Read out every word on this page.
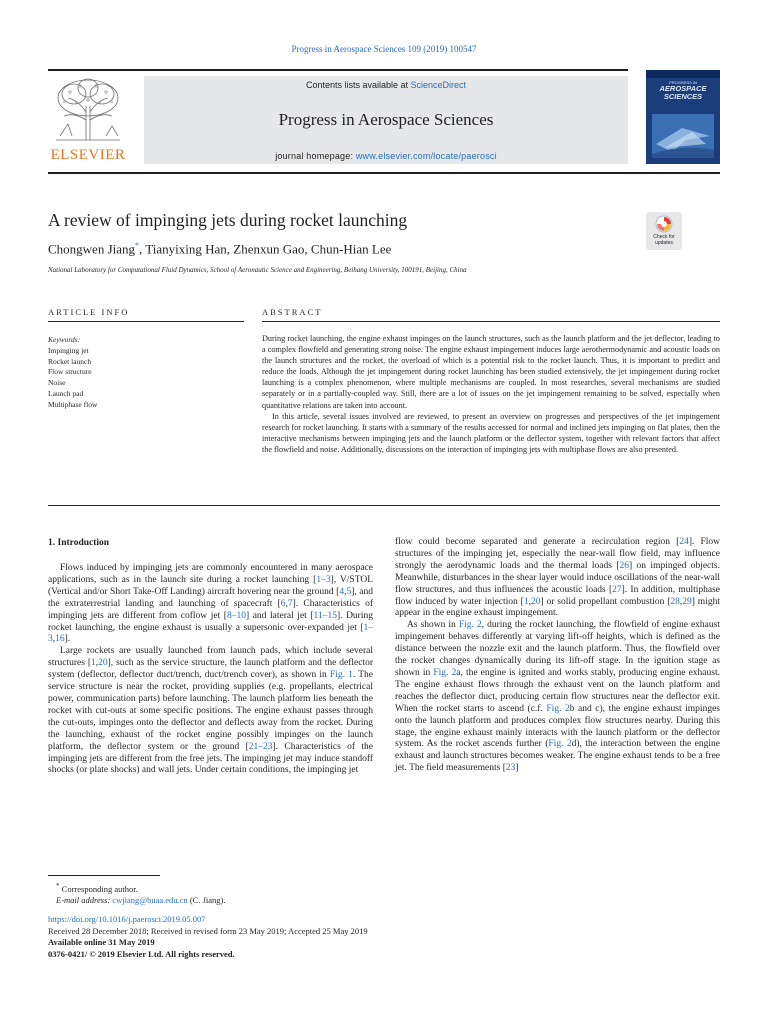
Progress in Aerospace Sciences 109 (2019) 100547
ELSEVIER
Contents lists available at ScienceDirect
Progress in Aerospace Sciences
journal homepage: www.elsevier.com/locate/paerosci
PROGRESS IN
AEROSPACE
SCIENCES
A review of impinging jets during rocket launching
Chongwen Jiang*, Tianyixing Han, Zhenxun Gao, Chun-Hian Lee
National Laboratory for Computational Fluid Dynamics, School of Aeronautic Science and Engineering, Beihang University, 100191, Beijing, China
Check for updates
ARTICLE INFO	ABSTRACT
Keywords:
Impinging jet
Rocket launch
Flow structure
Noise
Launch pad
Multiphase flow

During rocket launching, the engine exhaust impinges on the launch structures, such as the launch platform and the jet deflector, leading to a complex flowfield and generating strong noise. The engine exhaust impingement induces large aerothermodynamic and acoustic loads on the launch structures and the rocket, the overload of which is a potential risk to the rocket launch. Thus, it is important to predict and reduce the loads. Although the jet impingement during rocket launching has been studied extensively, the jet impingement during rocket launching is a complex phenomenon, where multiple mechanisms are coupled. In most researches, several mechanisms are studied separately or in a partially-coupled way. Still, there are a lot of issues on the jet impingement remaining to be solved, especially when quantitative relations are taken into account.

In this article, several issues involved are reviewed, to present an overview on progresses and perspectives of the jet impingement research for rocket launching. It starts with a summary of the results accessed for normal and inclined jets impinging on flat plates, then the interactive mechanisms between impinging jets and the launch platform or the deflector system, together with relevant factors that affect the flowfield and noise. Additionally, discussions on the interaction of impinging jets with multiphase flows are also presented.

1. Introduction

Flows induced by impinging jets are commonly encountered in many aerospace applications, such as in the launch site during a rocket launching [1–3], V/STOL (Vertical and/or Short Take-Off Landing) aircraft hovering near the ground [4,5], and the extraterrestrial landing and launching of spacecraft [6,7]. Characteristics of impinging jets are different from coflow jet [8–10] and lateral jet [11–15]. During rocket launching, the engine exhaust is usually a supersonic over-expanded jet [1–3,16].

Large rockets are usually launched from launch pads, which include several structures [1,20], such as the service structure, the launch platform and the deflector system (deflector, deflector duct/trench, duct/trench cover), as shown in Fig. 1. The service structure is near the rocket, providing supplies (e.g. propellants, electrical power, communication parts) before launching. The launch platform lies beneath the rocket with cut-outs at some specific positions. The engine exhaust passes through the cut-outs, impinges onto the deflector and deflects away from the rocket. During the launching, exhaust of the rocket engine possibly impinges on the launch platform, the deflector system or the ground [21–23]. Characteristics of the impinging jets are different from the free jets. The impinging jet may induce standoff shocks (or plate shocks) and wall jets. Under certain conditions, the impinging jet

flow could become separated and generate a recirculation region [24]. Flow structures of the impinging jet, especially the near-wall flow field, may influence strongly the aerodynamic loads and the thermal loads [26] on impinged objects. Meanwhile, disturbances in the shear layer would induce oscillations of the near-wall flow structures, and thus influences the acoustic loads [27]. In addition, multiphase flow induced by water injection [1,20] or solid propellant combustion [28,29] might appear in the engine exhaust impingement.

As shown in Fig. 2, during the rocket launching, the flowfield of engine exhaust impingement behaves differently at varying lift-off heights, which is defined as the distance between the nozzle exit and the launch platform. Thus, the flowfield over the rocket changes dynamically during its lift-off stage. In the ignition stage as shown in Fig. 2a, the engine is ignited and works stably, producing engine exhaust. The engine exhaust flows through the exhaust vent on the launch platform and reaches the deflector duct, producing certain flow structures near the deflector exit. When the rocket starts to ascend (c.f. Fig. 2b and c), the engine exhaust impinges onto the launch platform and produces complex flow structures nearby. During this stage, the engine exhaust mainly interacts with the launch platform or the deflector system. As the rocket ascends further (Fig. 2d), the interaction between the engine exhaust and launch structures becomes weaker. The engine exhaust tends to be a free jet. The field measurements [23]

* Corresponding author.
E-mail address: cwjiang@buaa.edu.cn (C. Jiang).
https://doi.org/10.1016/j.paerosci.2019.05.007
Received 28 December 2018; Received in revised form 23 May 2019; Accepted 25 May 2019
Available online 31 May 2019
0376-0421/ © 2019 Elsevier Ltd. All rights reserved.
